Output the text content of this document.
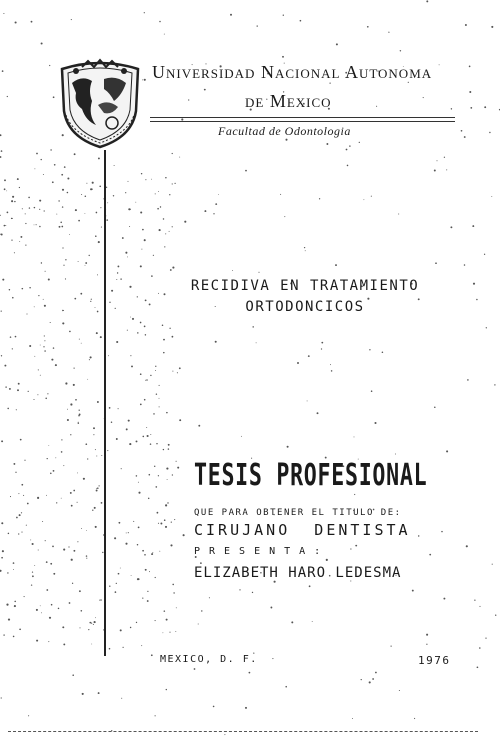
Universidad Nacional Autonoma
de Mexico
Facultad de Odontologia
RECIDIVA EN TRATAMIENTO
ORTODONCICOS
TESIS PROFESIONAL
QUE PARA OBTENER EL TITULO DE:
CIRUJANO  DENTISTA
PRESENTA:
ELIZABETH HARO LEDESMA
MEXICO, D. F.	1976
